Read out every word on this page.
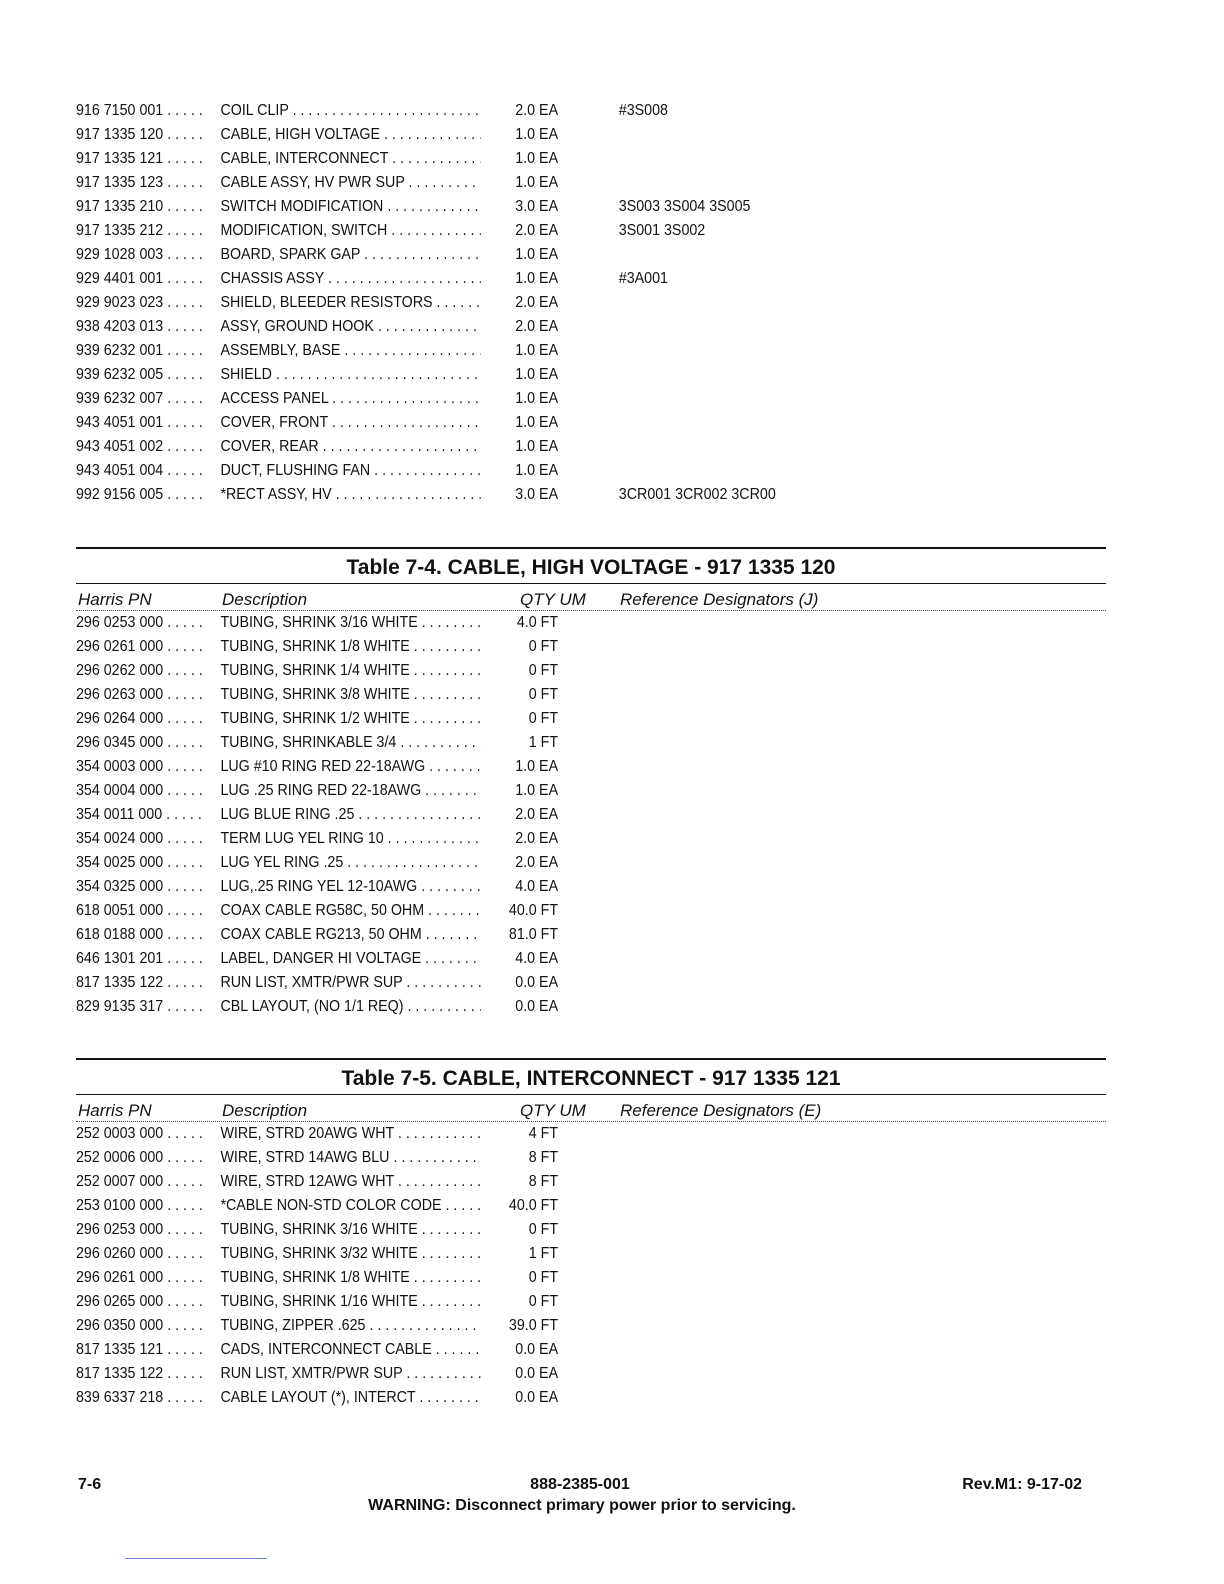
916 7150 001 . . .	COIL CLIP . . .	2.0 EA	#3S008
917 1335 120 . . .	CABLE, HIGH VOLTAGE . . .	1.0 EA
917 1335 121 . . .	CABLE, INTERCONNECT . . .	1.0 EA
917 1335 123 . . .	CABLE ASSY, HV PWR SUP . . .	1.0 EA
917 1335 210 . . .	SWITCH MODIFICATION . . .	3.0 EA	3S003 3S004 3S005
917 1335 212 . . .	MODIFICATION, SWITCH . . .	2.0 EA	3S001 3S002
929 1028 003 . . .	BOARD, SPARK GAP . . .	1.0 EA
929 4401 001 . . .	CHASSIS ASSY . . .	1.0 EA	#3A001
929 9023 023 . . .	SHIELD, BLEEDER RESISTORS . . .	2.0 EA
938 4203 013 . . .	ASSY, GROUND HOOK . . .	2.0 EA
939 6232 001 . . .	ASSEMBLY, BASE . . .	1.0 EA
939 6232 005 . . .	SHIELD . . .	1.0 EA
939 6232 007 . . .	ACCESS PANEL . . .	1.0 EA
943 4051 001 . . .	COVER, FRONT . . .	1.0 EA
943 4051 002 . . .	COVER, REAR . . .	1.0 EA
943 4051 004 . . .	DUCT, FLUSHING FAN . . .	1.0 EA
992 9156 005 . . .	*RECT ASSY, HV . . .	3.0 EA	3CR001 3CR002 3CR00
Table 7-4. CABLE, HIGH VOLTAGE - 917 1335 120
Harris PN	Description	QTY UM Reference Designators (J)
296 0253 000 . . .	TUBING, SHRINK 3/16 WHITE . . .	4.0 FT
296 0261 000 . . .	TUBING, SHRINK 1/8 WHITE . . .	0 FT
296 0262 000 . . .	TUBING, SHRINK 1/4 WHITE . . .	0 FT
296 0263 000 . . .	TUBING, SHRINK 3/8 WHITE . . .	0 FT
296 0264 000 . . .	TUBING, SHRINK 1/2 WHITE . . .	0 FT
296 0345 000 . . .	TUBING, SHRINKABLE 3/4 . . .	1 FT
354 0003 000 . . .	LUG #10 RING RED 22-18AWG . . .	1.0 EA
354 0004 000 . . .	LUG .25 RING RED 22-18AWG . . .	1.0 EA
354 0011 000 . . .	LUG BLUE RING .25 . . .	2.0 EA
354 0024 000 . . .	TERM LUG YEL RING 10 . . .	2.0 EA
354 0025 000 . . .	LUG YEL RING .25 . . .	2.0 EA
354 0325 000 . . .	LUG,.25 RING YEL 12-10AWG . . .	4.0 EA
618 0051 000 . . .	COAX CABLE RG58C, 50 OHM . . .	40.0 FT
618 0188 000 . . .	COAX CABLE RG213, 50 OHM . . .	81.0 FT
646 1301 201 . . .	LABEL, DANGER HI VOLTAGE . . .	4.0 EA
817 1335 122 . . .	RUN LIST, XMTR/PWR SUP . . .	0.0 EA
829 9135 317 . . .	CBL LAYOUT, (NO 1/1 REQ) . . .	0.0 EA
Table 7-5. CABLE, INTERCONNECT - 917 1335 121
Harris PN	Description	QTY UM Reference Designators (E)
252 0003 000 . . .	WIRE, STRD 20AWG WHT . . .	4 FT
252 0006 000 . . .	WIRE, STRD 14AWG BLU . . .	8 FT
252 0007 000 . . .	WIRE, STRD 12AWG WHT . . .	8 FT
253 0100 000 . . .	*CABLE NON-STD COLOR CODE . . .	40.0 FT
296 0253 000 . . .	TUBING, SHRINK 3/16 WHITE . . .	0 FT
296 0260 000 . . .	TUBING, SHRINK 3/32 WHITE . . .	1 FT
296 0261 000 . . .	TUBING, SHRINK 1/8 WHITE . . .	0 FT
296 0265 000 . . .	TUBING, SHRINK 1/16 WHITE . . .	0 FT
296 0350 000 . . .	TUBING, ZIPPER .625 . . .	39.0 FT
817 1335 121 . . .	CADS, INTERCONNECT CABLE . . .	0.0 EA
817 1335 122 . . .	RUN LIST, XMTR/PWR SUP . . .	0.0 EA
839 6337 218 . . .	CABLE LAYOUT (*), INTERCT . . .	0.0 EA
7-6	888-2385-001	Rev.M1: 9-17-02
WARNING: Disconnect primary power prior to servicing.
